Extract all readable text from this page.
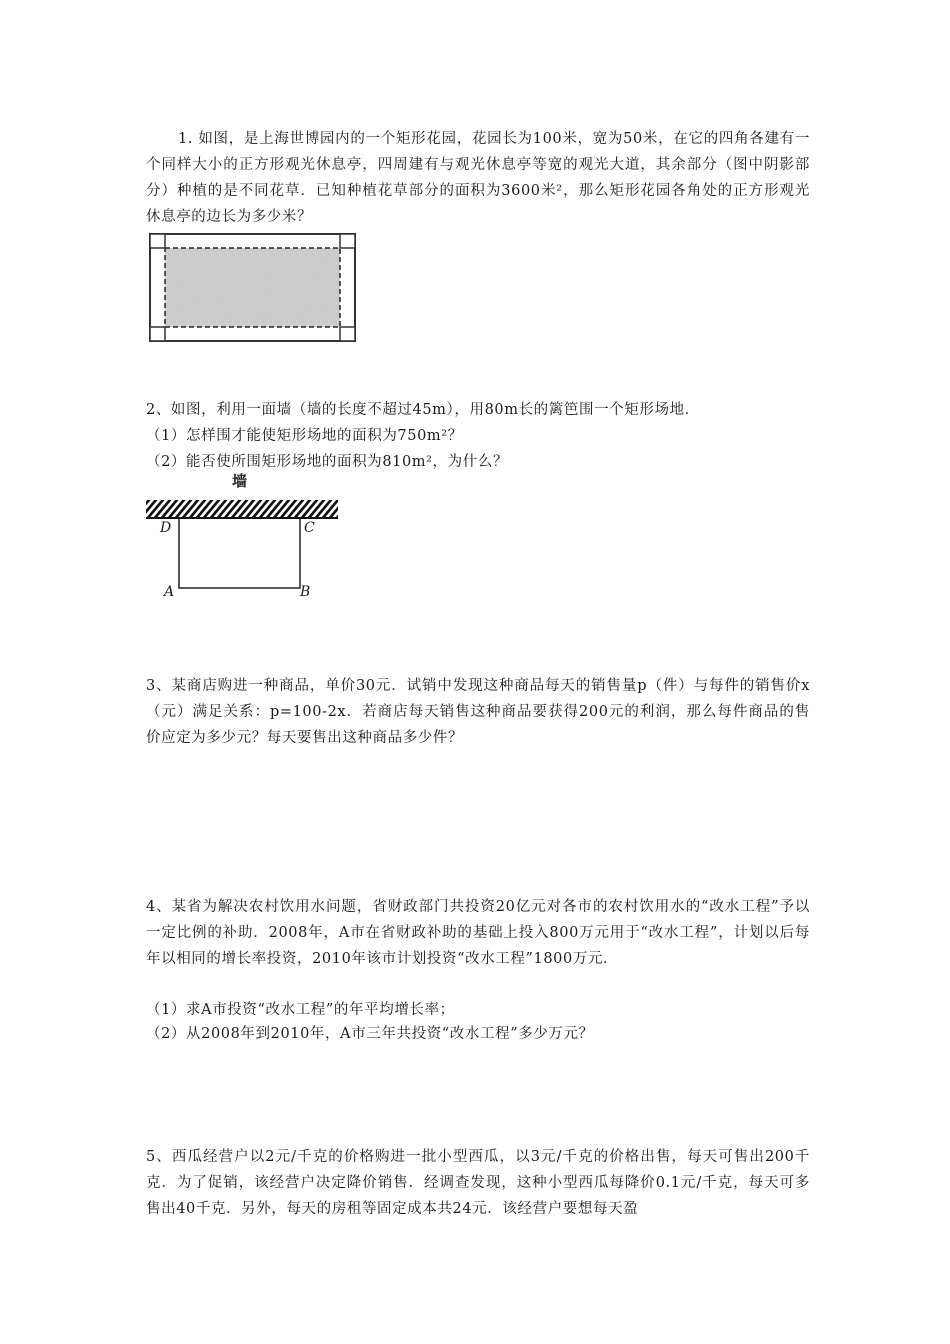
1. 如图，是上海世博园内的一个矩形花园，花园长为100米，宽为50米，在它的四角各建有一个同样大小的正方形观光休息亭，四周建有与观光休息亭等宽的观光大道，其余部分（图中阴影部分）种植的是不同花草．已知种植花草部分的面积为3600米²，那么矩形花园各角处的正方形观光休息亭的边长为多少米？

2、如图，利用一面墙（墙的长度不超过45m），用80m长的篱笆围一个矩形场地．

（1）怎样围才能使矩形场地的面积为750m²？

（2）能否使所围矩形场地的面积为810m²，为什么？

墙
D	C
A	B

3、某商店购进一种商品，单价30元．试销中发现这种商品每天的销售量p（件）与每件的销售价x（元）满足关系：p=100-2x．若商店每天销售这种商品要获得200元的利润，那么每件商品的售价应定为多少元？每天要售出这种商品多少件？

4、某省为解决农村饮用水问题，省财政部门共投资20亿元对各市的农村饮用水的“改水工程”予以一定比例的补助．2008年，A市在省财政补助的基础上投入800万元用于“改水工程”，计划以后每年以相同的增长率投资，2010年该市计划投资“改水工程”1800万元．

（1）求A市投资“改水工程”的年平均增长率；

（2）从2008年到2010年，A市三年共投资“改水工程”多少万元？

5、西瓜经营户以2元/千克的价格购进一批小型西瓜，以3元/千克的价格出售，每天可售出200千克．为了促销，该经营户决定降价销售．经调查发现，这种小型西瓜每降价0.1元/千克，每天可多售出40千克．另外，每天的房租等固定成本共24元．该经营户要想每天盈
